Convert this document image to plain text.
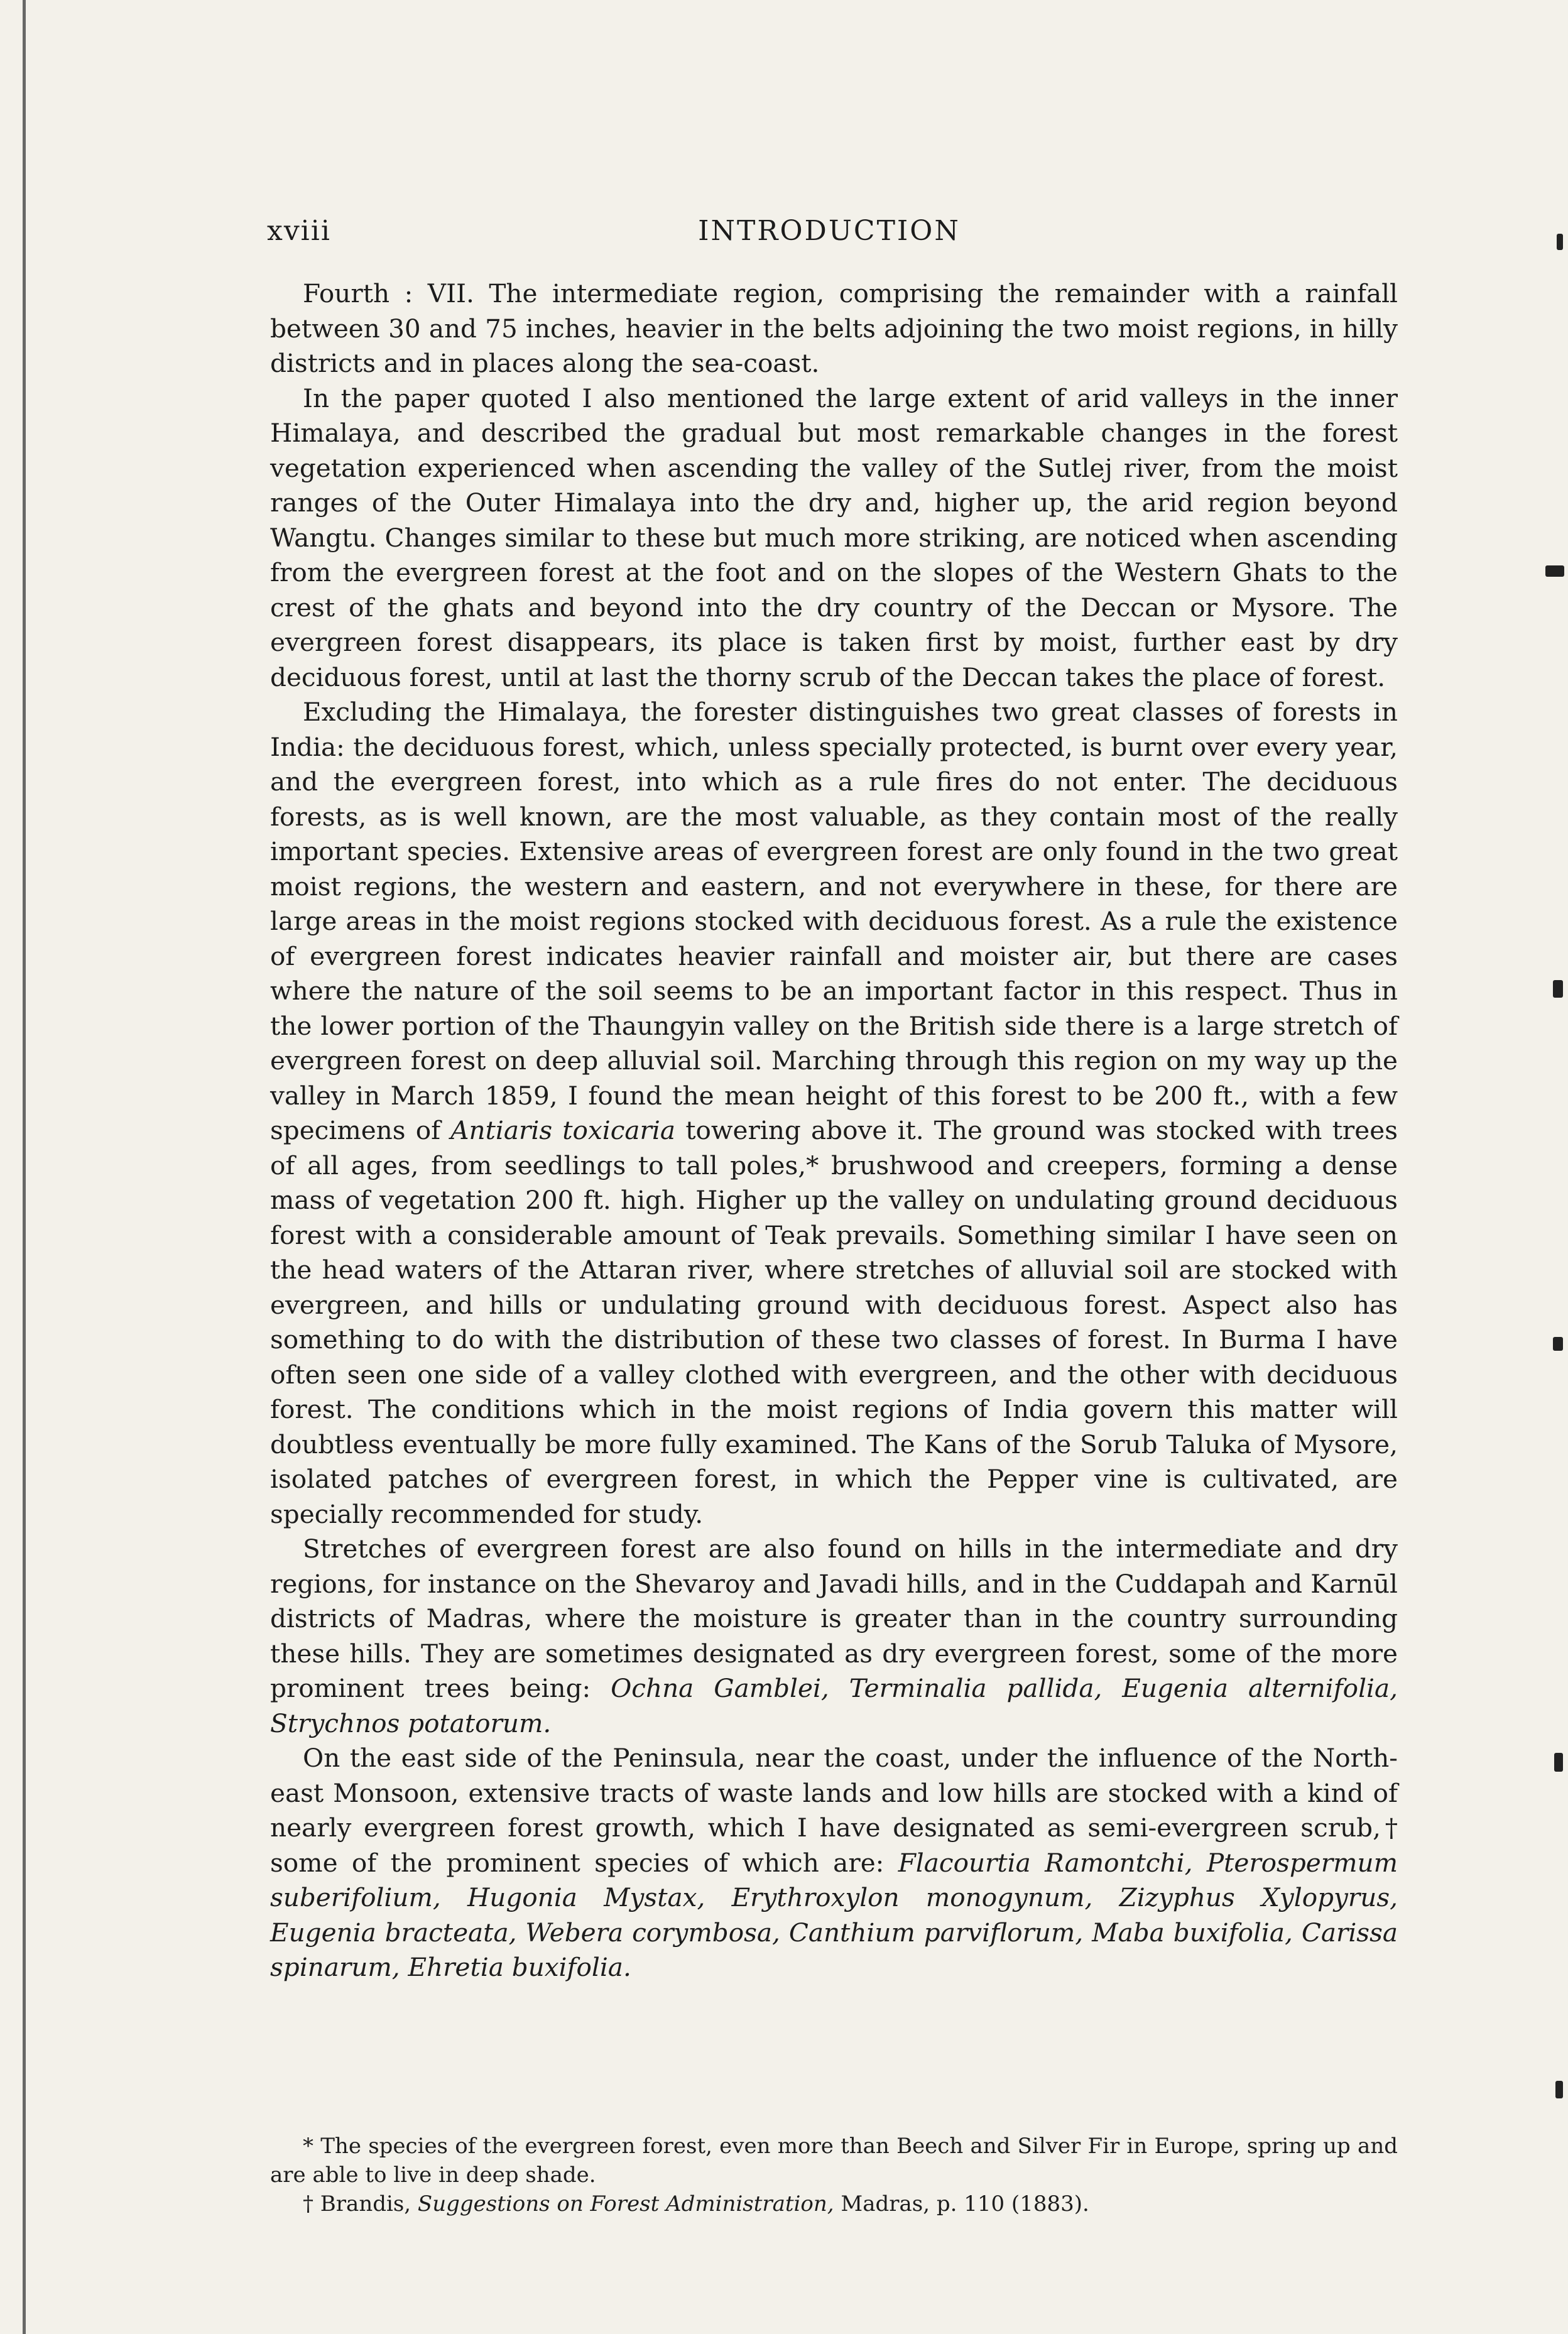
xviii	INTRODUCTION

Fourth : VII. The intermediate region, comprising the remainder with a rainfall between 30 and 75 inches, heavier in the belts adjoining the two moist regions, in hilly districts and in places along the sea-coast.

In the paper quoted I also mentioned the large extent of arid valleys in the inner Himalaya, and described the gradual but most remarkable changes in the forest vegetation experienced when ascending the valley of the Sutlej river, from the moist ranges of the Outer Himalaya into the dry and, higher up, the arid region beyond Wangtu. Changes similar to these but much more striking, are noticed when ascending from the evergreen forest at the foot and on the slopes of the Western Ghats to the crest of the ghats and beyond into the dry country of the Deccan or Mysore. The evergreen forest disappears, its place is taken first by moist, further east by dry deciduous forest, until at last the thorny scrub of the Deccan takes the place of forest.

Excluding the Himalaya, the forester distinguishes two great classes of forests in India: the deciduous forest, which, unless specially protected, is burnt over every year, and the evergreen forest, into which as a rule fires do not enter. The deciduous forests, as is well known, are the most valuable, as they contain most of the really important species. Extensive areas of evergreen forest are only found in the two great moist regions, the western and eastern, and not everywhere in these, for there are large areas in the moist regions stocked with deciduous forest. As a rule the existence of evergreen forest indicates heavier rainfall and moister air, but there are cases where the nature of the soil seems to be an important factor in this respect. Thus in the lower portion of the Thaungyin valley on the British side there is a large stretch of evergreen forest on deep alluvial soil. Marching through this region on my way up the valley in March 1859, I found the mean height of this forest to be 200 ft., with a few specimens of Antiaris toxicaria towering above it. The ground was stocked with trees of all ages, from seedlings to tall poles,* brushwood and creepers, forming a dense mass of vegetation 200 ft. high. Higher up the valley on undulating ground deciduous forest with a considerable amount of Teak prevails. Something similar I have seen on the head waters of the Attaran river, where stretches of alluvial soil are stocked with evergreen, and hills or undulating ground with deciduous forest. Aspect also has something to do with the distribution of these two classes of forest. In Burma I have often seen one side of a valley clothed with evergreen, and the other with deciduous forest. The conditions which in the moist regions of India govern this matter will doubtless eventually be more fully examined. The Kans of the Sorub Taluka of Mysore, isolated patches of evergreen forest, in which the Pepper vine is cultivated, are specially recommended for study.

Stretches of evergreen forest are also found on hills in the intermediate and dry regions, for instance on the Shevaroy and Javadi hills, and in the Cuddapah and Karnūl districts of Madras, where the moisture is greater than in the country surrounding these hills. They are sometimes designated as dry evergreen forest, some of the more prominent trees being: Ochna Gamblei, Terminalia pallida, Eugenia alternifolia, Strychnos potatorum.

On the east side of the Peninsula, near the coast, under the influence of the North-east Monsoon, extensive tracts of waste lands and low hills are stocked with a kind of nearly evergreen forest growth, which I have designated as semi-evergreen scrub,† some of the prominent species of which are: Flacourtia Ramontchi, Pterospermum suberifolium, Hugonia Mystax, Erythroxylon monogynum, Zizyphus Xylopyrus, Eugenia bracteata, Webera corymbosa, Canthium parviflorum, Maba buxifolia, Carissa spinarum, Ehretia buxifolia.

* The species of the evergreen forest, even more than Beech and Silver Fir in Europe, spring up and are able to live in deep shade.

† Brandis, Suggestions on Forest Administration, Madras, p. 110 (1883).
